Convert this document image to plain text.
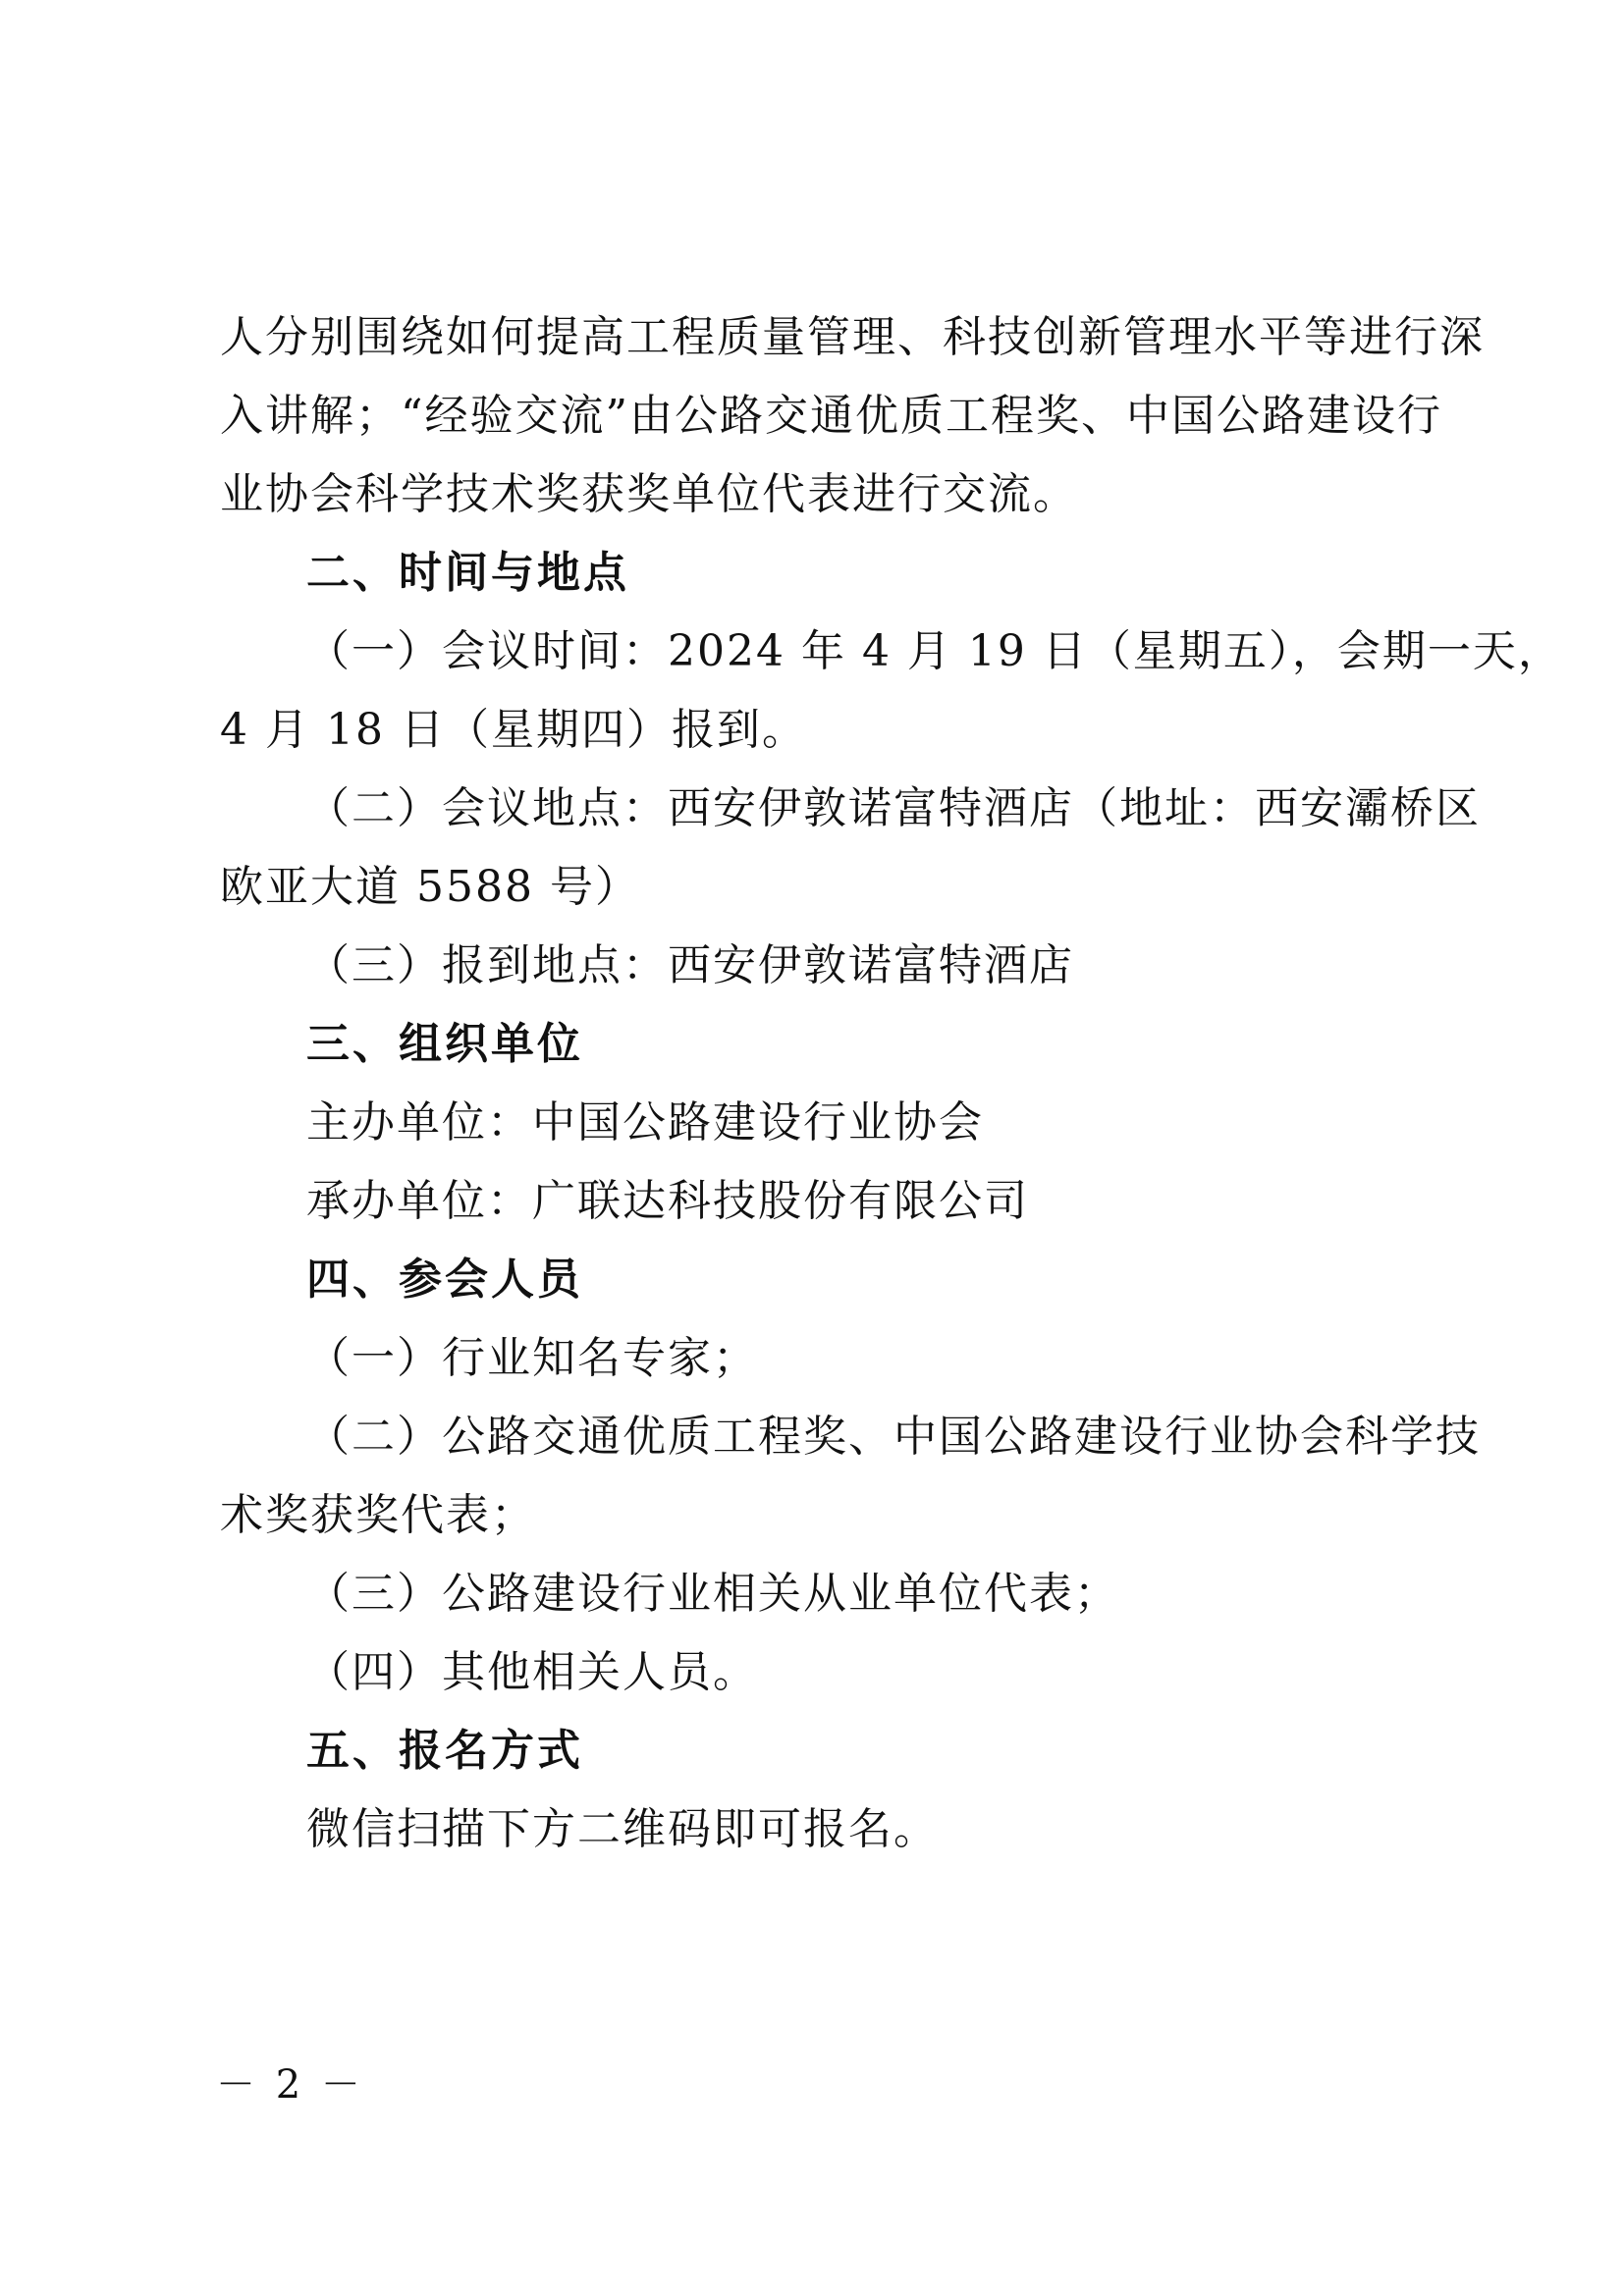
人分别围绕如何提高工程质量管理、科技创新管理水平等进行深
入讲解；“经验交流”由公路交通优质工程奖、中国公路建设行
业协会科学技术奖获奖单位代表进行交流。
二、时间与地点
（一）会议时间：2024 年 4 月 19 日（星期五），会期一天，
4 月 18 日（星期四）报到。
（二）会议地点：西安伊敦诺富特酒店（地址：西安灞桥区
欧亚大道 5588 号）
（三）报到地点：西安伊敦诺富特酒店
三、组织单位
主办单位：中国公路建设行业协会
承办单位：广联达科技股份有限公司
四、参会人员
（一）行业知名专家；
（二）公路交通优质工程奖、中国公路建设行业协会科学技
术奖获奖代表；
（三）公路建设行业相关从业单位代表；
（四）其他相关人员。
五、报名方式
微信扫描下方二维码即可报名。
－ 2 －
